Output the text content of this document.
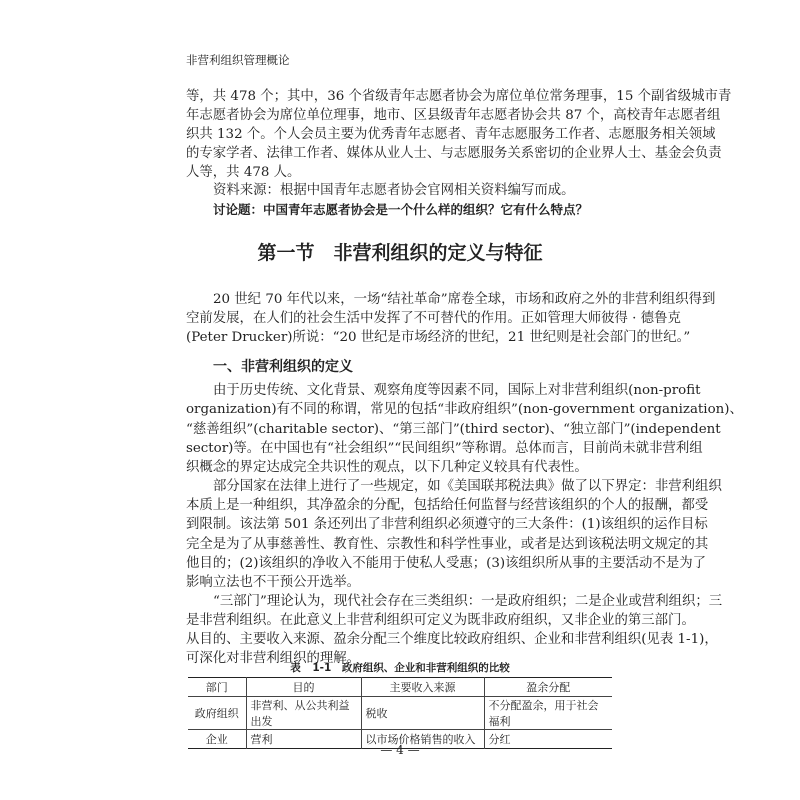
非营利组织管理概论
等，共 478 个；其中，36 个省级青年志愿者协会为席位单位常务理事，15 个副省级城市青
年志愿者协会为席位单位理事，地市、区县级青年志愿者协会共 87 个，高校青年志愿者组
织共 132 个。个人会员主要为优秀青年志愿者、青年志愿服务工作者、志愿服务相关领域
的专家学者、法律工作者、媒体从业人士、与志愿服务关系密切的企业界人士、基金会负责
人等，共 478 人。
资料来源：根据中国青年志愿者协会官网相关资料编写而成。
讨论题：中国青年志愿者协会是一个什么样的组织？它有什么特点？
第一节　非营利组织的定义与特征
20 世纪 70 年代以来，一场“结社革命”席卷全球，市场和政府之外的非营利组织得到
空前发展，在人们的社会生活中发挥了不可替代的作用。正如管理大师彼得 · 德鲁克
(Peter Drucker)所说：“20 世纪是市场经济的世纪，21 世纪则是社会部门的世纪。”
一、非营利组织的定义
由于历史传统、文化背景、观察角度等因素不同，国际上对非营利组织(non-profit
organization)有不同的称谓，常见的包括“非政府组织”(non-government organization)、
“慈善组织”(charitable sector)、“第三部门”(third sector)、“独立部门”(independent
sector)等。在中国也有“社会组织”“民间组织”等称谓。总体而言，目前尚未就非营利组
织概念的界定达成完全共识性的观点，以下几种定义较具有代表性。
部分国家在法律上进行了一些规定，如《美国联邦税法典》做了以下界定：非营利组织
本质上是一种组织，其净盈余的分配，包括给任何监督与经营该组织的个人的报酬，都受
到限制。该法第 501 条还列出了非营利组织必须遵守的三大条件：(1)该组织的运作目标
完全是为了从事慈善性、教育性、宗教性和科学性事业，或者是达到该税法明文规定的其
他目的；(2)该组织的净收入不能用于使私人受惠；(3)该组织所从事的主要活动不是为了
影响立法也不干预公开选举。
“三部门”理论认为，现代社会存在三类组织：一是政府组织；二是企业或营利组织；三
是非营利组织。在此意义上非营利组织可定义为既非政府组织，又非企业的第三部门。
从目的、主要收入来源、盈余分配三个维度比较政府组织、企业和非营利组织(见表 1-1)，
可深化对非营利组织的理解。
表 1-1　政府组织、企业和非营利组织的比较
部门	目的	主要收入来源	盈余分配
政府组织	非营利、从公共利益出发	税收	不分配盈余，用于社会福利
企业	营利	以市场价格销售的收入	分红
— 4 —
